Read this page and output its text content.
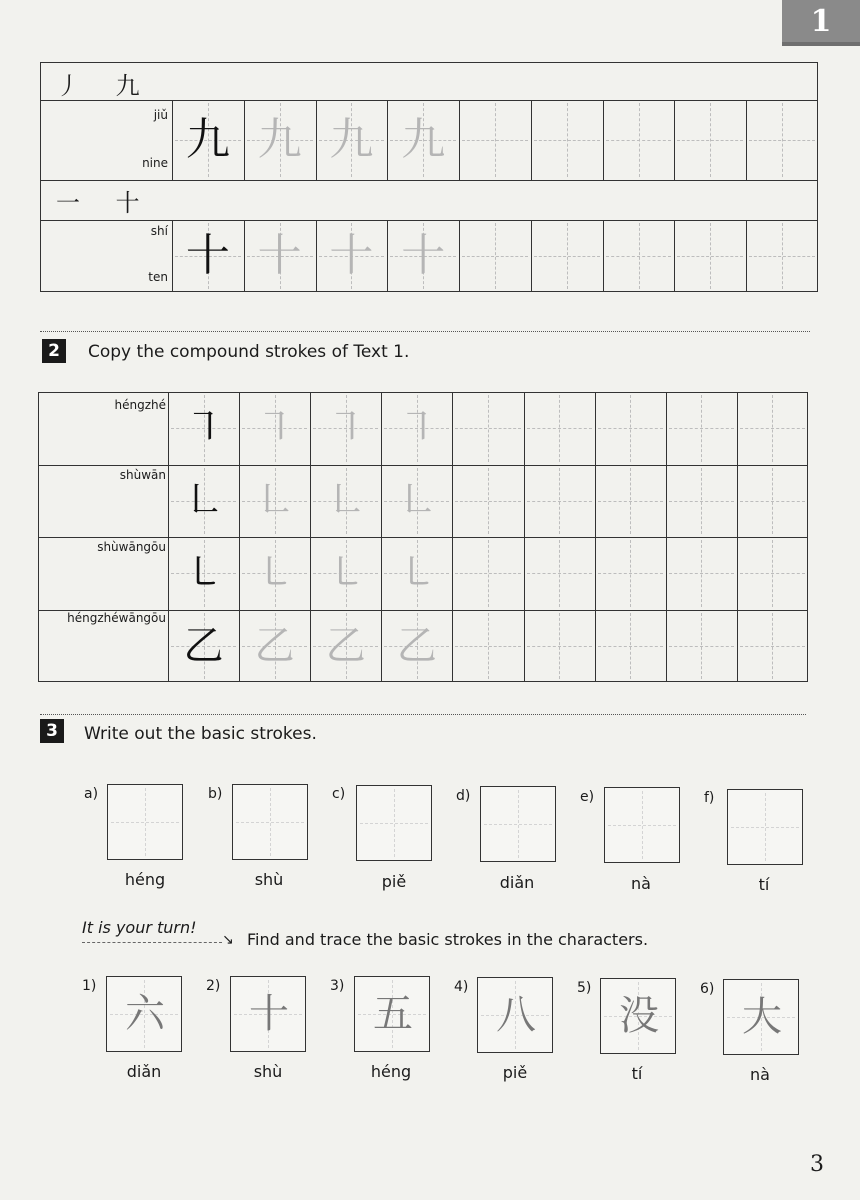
1
丿 九
jiǔ
nine
一 十
shí
ten
九 九 九 九
十 十 十 十
2	Copy the compound strokes of Text 1.
㇕ ㇕ ㇕ ㇕
㇗ ㇗ ㇗ ㇗
㇄ ㇄ ㇄ ㇄
乙 乙 乙 乙
héngzhé
shùwān
shùwāngōu
héngzhéwāngōu
3	Write out the basic strokes.
a)
héng
b)
shù
c)
piě
d)
diǎn
e)
nà
f)
tí
It is your turn!
↘ Find and trace the basic strokes in the characters.
1)
六
diǎn
2)
十
shù
3)
五
héng
4)
八
piě
5)
没
tí
6)
大
nà
3
